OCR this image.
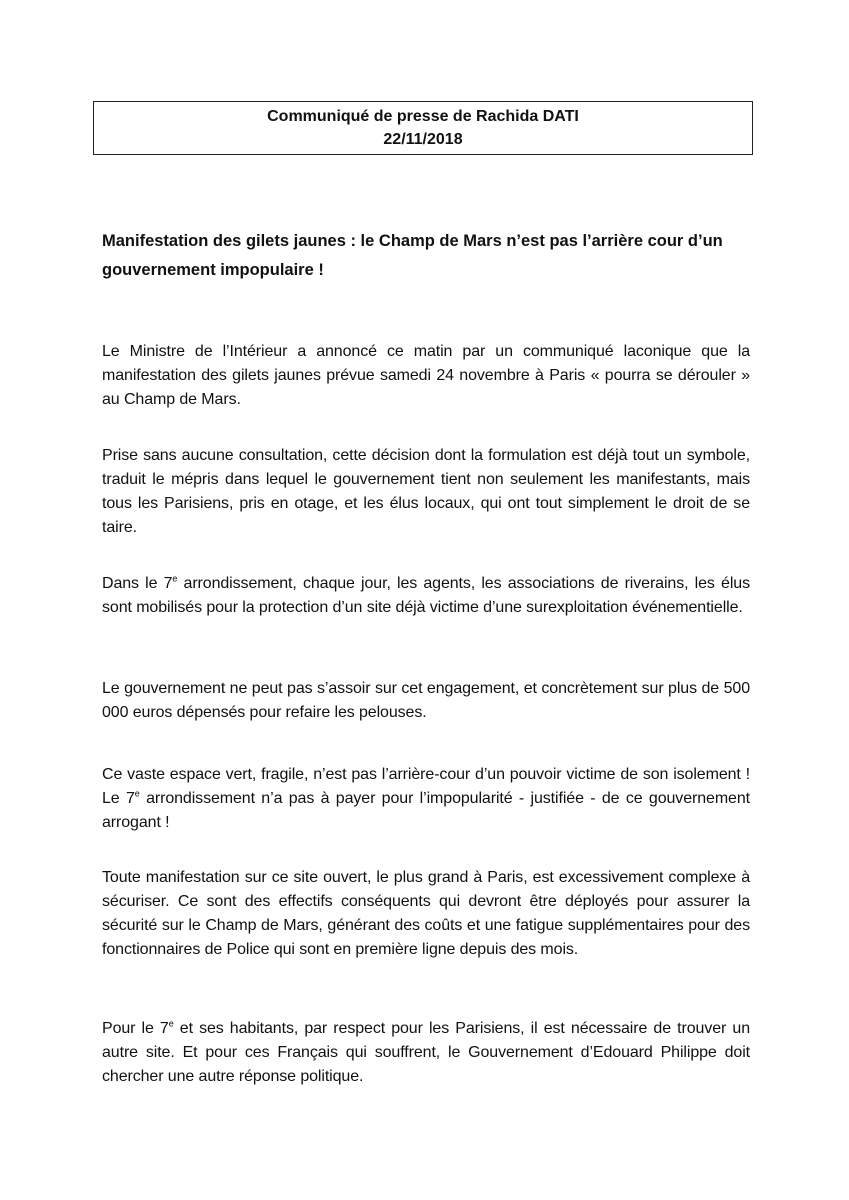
Communiqué de presse de Rachida DATI
22/11/2018

Manifestation des gilets jaunes : le Champ de Mars n’est pas l’arrière cour d’un gouvernement impopulaire !

Le Ministre de l’Intérieur a annoncé ce matin par un communiqué laconique que la manifestation des gilets jaunes prévue samedi 24 novembre à Paris « pourra se dérouler » au Champ de Mars.

Prise sans aucune consultation, cette décision dont la formulation est déjà tout un symbole, traduit le mépris dans lequel le gouvernement tient non seulement les manifestants, mais tous les Parisiens, pris en otage, et les élus locaux, qui ont tout simplement le droit de se taire.

Dans le 7e arrondissement, chaque jour, les agents, les associations de riverains, les élus sont mobilisés pour la protection d’un site déjà victime d’une surexploitation événementielle.

Le gouvernement ne peut pas s’assoir sur cet engagement, et concrètement sur plus de 500 000 euros dépensés pour refaire les pelouses.

Ce vaste espace vert, fragile, n’est pas l’arrière-cour d’un pouvoir victime de son isolement ! Le 7e arrondissement n’a pas à payer pour l’impopularité - justifiée - de ce gouvernement arrogant !

Toute manifestation sur ce site ouvert, le plus grand à Paris, est excessivement complexe à sécuriser. Ce sont des effectifs conséquents qui devront être déployés pour assurer la sécurité sur le Champ de Mars, générant des coûts et une fatigue supplémentaires pour des fonctionnaires de Police qui sont en première ligne depuis des mois.

Pour le 7e et ses habitants, par respect pour les Parisiens, il est nécessaire de trouver un autre site. Et pour ces Français qui souffrent, le Gouvernement d’Edouard Philippe doit chercher une autre réponse politique.
